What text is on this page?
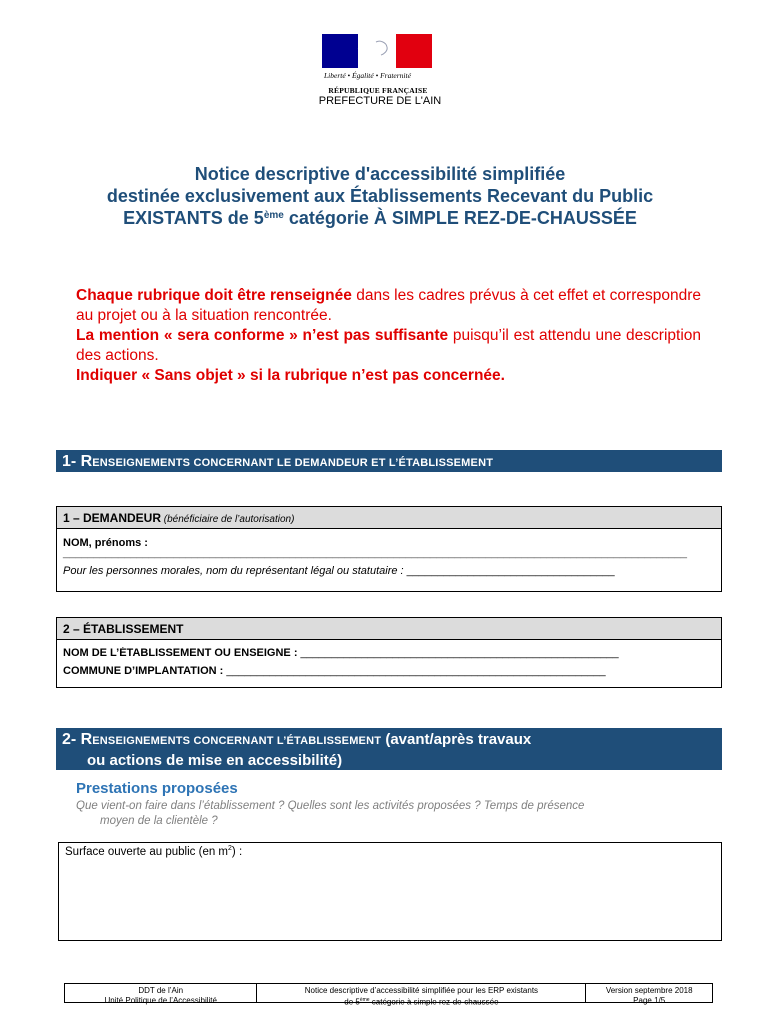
Liberté • Égalité • Fraternité
RÉPUBLIQUE FRANÇAISE
PREFECTURE DE L'AIN
Notice descriptive d'accessibilité simplifiée
destinée exclusivement aux Établissements Recevant du Public
EXISTANTS de 5ème catégorie À SIMPLE REZ-DE-CHAUSSÉE
Chaque rubrique doit être renseignée dans les cadres prévus à cet effet et correspondre au projet ou à la situation rencontrée.
La mention « sera conforme » n’est pas suffisante puisqu’il est attendu une description des actions.
Indiquer « Sans objet » si la rubrique n’est pas concernée.
1- RENSEIGNEMENTS CONCERNANT LE DEMANDEUR ET L’ÉTABLISSEMENT
1 – DEMANDEUR (bénéficiaire de l’autorisation)
NOM, prénoms :
______________________________________________________________________________________________________
Pour les personnes morales, nom du représentant légal ou statutaire : __________________________________
2 – ÉTABLISSEMENT
NOM DE L’ÉTABLISSEMENT OU ENSEIGNE : ____________________________________________________
COMMUNE D’IMPLANTATION : ______________________________________________________________
2- RENSEIGNEMENTS CONCERNANT L’ÉTABLISSEMENT (avant/après travaux
ou actions de mise en accessibilité)
Prestations proposées
Que vient-on faire dans l’établissement ? Quelles sont les activités proposées ? Temps de présence
moyen de la clientèle ?
Surface ouverte au public (en $m^2$) :
DDT de l’Ain
Unité Politique de l’Accessibilité
Notice descriptive d’accessibilité simplifiée pour les ERP existants
de 5ème catégorie à simple rez-de-chaussée
Version septembre 2018
Page 1/5
